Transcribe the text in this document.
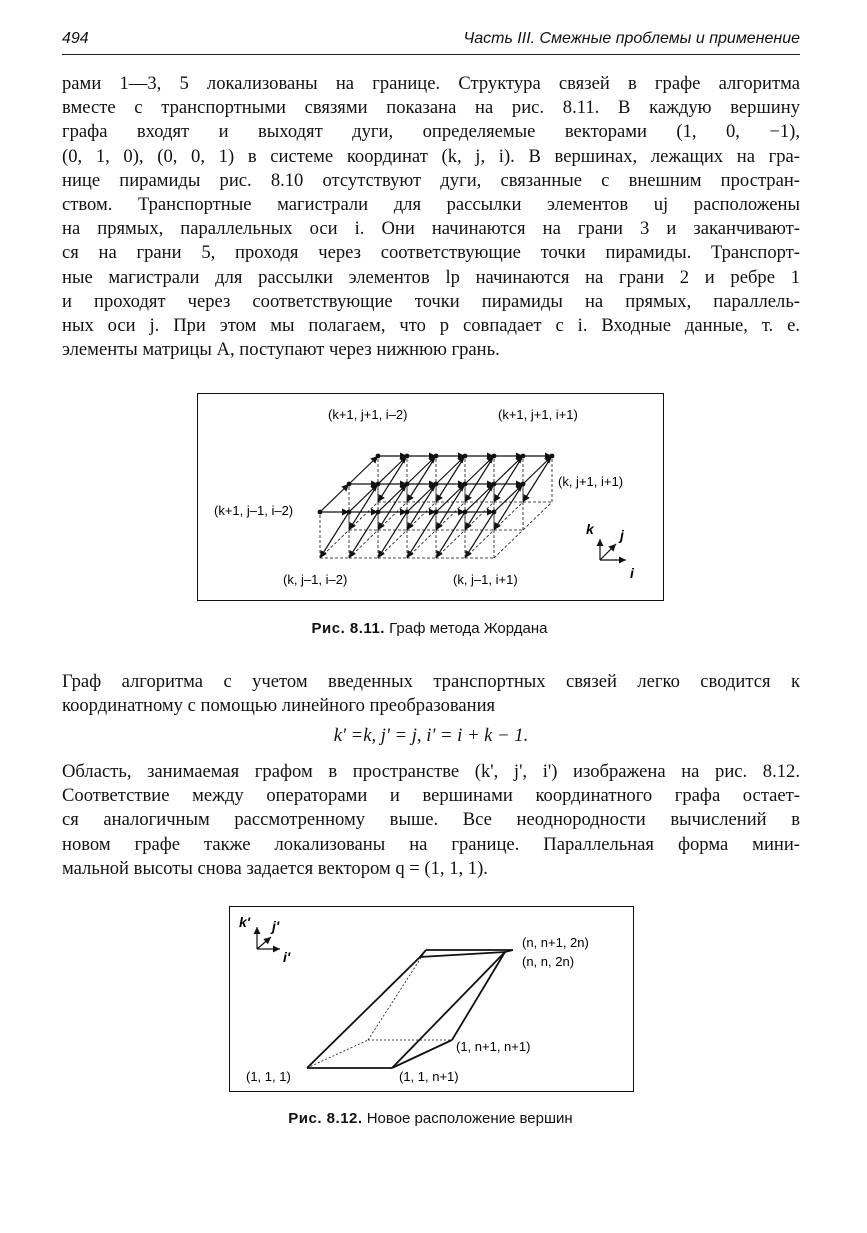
494	Часть III. Смежные проблемы и применение
рами 1—3, 5 локализованы на границе. Структура связей в графе алгоритма
вместе с транспортными связями показана на рис. 8.11. В каждую вершину
графа входят и выходят дуги, определяемые векторами (1, 0, −1),
(0, 1, 0), (0, 0, 1) в системе координат (k, j, i). В вершинах, лежащих на гра-
нице пирамиды рис. 8.10 отсутствуют дуги, связанные с внешним простран-
ством. Транспортные магистрали для рассылки элементов uj расположены
на прямых, параллельных оси i. Они начинаются на грани 3 и заканчивают-
ся на грани 5, проходя через соответствующие точки пирамиды. Транспорт-
ные магистрали для рассылки элементов lp начинаются на грани 2 и ребре 1
и проходят через соответствующие точки пирамиды на прямых, параллель-
ных оси j. При этом мы полагаем, что p совпадает с i. Входные данные, т. е.
элементы матрицы A, поступают через нижнюю грань.
(k+1, j+1, i–2)	(k+1, j+1, i+1)
(k, j+1, i+1)
(k+1, j–1, i–2)
(k, j–1, i–2)	(k, j–1, i+1)
k j
i
Рис. 8.11. Граф метода Жордана
Граф алгоритма с учетом введенных транспортных связей легко сводится к
координатному с помощью линейного преобразования
k' =k, j' = j, i' = i + k − 1.
Область, занимаемая графом в пространстве (k', j', i') изображена на рис. 8.12.
Соответствие между операторами и вершинами координатного графа остает-
ся аналогичным рассмотренному выше. Все неоднородности вычислений в
новом графе также локализованы на границе. Параллельная форма мини-
мальной высоты снова задается вектором q = (1, 1, 1).
k' j'
i'
(n, n+1, 2n)
(n, n, 2n)
(1, n+1, n+1)
(1, 1, 1)	(1, 1, n+1)
Рис. 8.12. Новое расположение вершин
